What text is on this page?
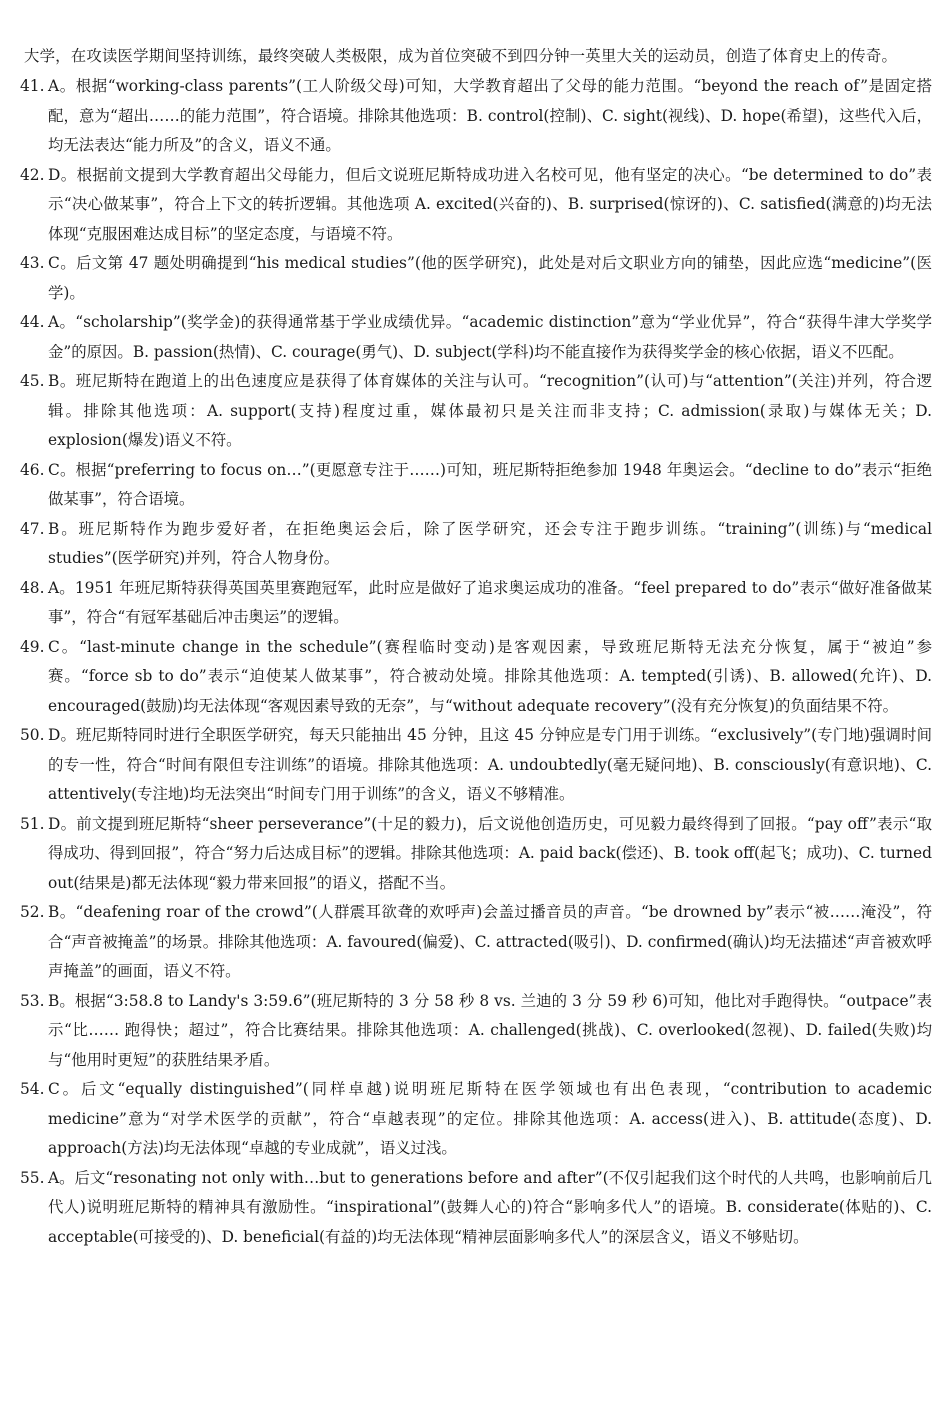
大学，在攻读医学期间坚持训练，最终突破人类极限，成为首位突破不到四分钟一英里大关的运动员，创造了体育史上的传奇。
41. A。根据“working-class parents”(工人阶级父母)可知，大学教育超出了父母的能力范围。“beyond the reach of”是固定搭配，意为“超出……的能力范围”，符合语境。排除其他选项：B. control(控制)、C. sight(视线)、D. hope(希望)，这些代入后，均无法表达“能力所及”的含义，语义不通。
42. D。根据前文提到大学教育超出父母能力，但后文说班尼斯特成功进入名校可见，他有坚定的决心。“be determined to do”表示“决心做某事”，符合上下文的转折逻辑。其他选项 A. excited(兴奋的)、B. surprised(惊讶的)、C. satisfied(满意的)均无法体现“克服困难达成目标”的坚定态度，与语境不符。
43. C。后文第 47 题处明确提到“his medical studies”(他的医学研究)，此处是对后文职业方向的铺垫，因此应选“medicine”(医学)。
44. A。“scholarship”(奖学金)的获得通常基于学业成绩优异。“academic distinction”意为“学业优异”，符合“获得牛津大学奖学金”的原因。B. passion(热情)、C. courage(勇气)、D. subject(学科)均不能直接作为获得奖学金的核心依据，语义不匹配。
45. B。班尼斯特在跑道上的出色速度应是获得了体育媒体的关注与认可。“recognition”(认可)与“attention”(关注)并列，符合逻辑。排除其他选项：A. support(支持)程度过重，媒体最初只是关注而非支持；C. admission(录取)与媒体无关；D. explosion(爆发)语义不符。
46. C。根据“preferring to focus on…”(更愿意专注于……)可知，班尼斯特拒绝参加 1948 年奥运会。“decline to do”表示“拒绝做某事”，符合语境。
47. B。班尼斯特作为跑步爱好者，在拒绝奥运会后，除了医学研究，还会专注于跑步训练。“training”(训练)与“medical studies”(医学研究)并列，符合人物身份。
48. A。1951 年班尼斯特获得英国英里赛跑冠军，此时应是做好了追求奥运成功的准备。“feel prepared to do”表示“做好准备做某事”，符合“有冠军基础后冲击奥运”的逻辑。
49. C。“last-minute change in the schedule”(赛程临时变动)是客观因素，导致班尼斯特无法充分恢复，属于“被迫”参赛。“force sb to do”表示“迫使某人做某事”，符合被动处境。排除其他选项：A. tempted(引诱)、B. allowed(允许)、D. encouraged(鼓励)均无法体现“客观因素导致的无奈”，与“without adequate recovery”(没有充分恢复)的负面结果不符。
50. D。班尼斯特同时进行全职医学研究，每天只能抽出 45 分钟，且这 45 分钟应是专门用于训练。“exclusively”(专门地)强调时间的专一性，符合“时间有限但专注训练”的语境。排除其他选项：A. undoubtedly(毫无疑问地)、B. consciously(有意识地)、C. attentively(专注地)均无法突出“时间专门用于训练”的含义，语义不够精准。
51. D。前文提到班尼斯特“sheer perseverance”(十足的毅力)，后文说他创造历史，可见毅力最终得到了回报。“pay off”表示“取得成功、得到回报”，符合“努力后达成目标”的逻辑。排除其他选项：A. paid back(偿还)、B. took off(起飞；成功)、C. turned out(结果是)都无法体现“毅力带来回报”的语义，搭配不当。
52. B。“deafening roar of the crowd”(人群震耳欲聋的欢呼声)会盖过播音员的声音。“be drowned by”表示“被……淹没”，符合“声音被掩盖”的场景。排除其他选项：A. favoured(偏爱)、C. attracted(吸引)、D. confirmed(确认)均无法描述“声音被欢呼声掩盖”的画面，语义不符。
53. B。根据“3:58.8 to Landy's 3:59.6”(班尼斯特的 3 分 58 秒 8 vs. 兰迪的 3 分 59 秒 6)可知，他比对手跑得快。“outpace”表示“比…… 跑得快；超过”，符合比赛结果。排除其他选项：A. challenged(挑战)、C. overlooked(忽视)、D. failed(失败)均与“他用时更短”的获胜结果矛盾。
54. C。后文“equally distinguished”(同样卓越)说明班尼斯特在医学领域也有出色表现，“contribution to academic medicine”意为“对学术医学的贡献”，符合“卓越表现”的定位。排除其他选项：A. access(进入)、B. attitude(态度)、D. approach(方法)均无法体现“卓越的专业成就”，语义过浅。
55. A。后文“resonating not only with…but to generations before and after”(不仅引起我们这个时代的人共鸣，也影响前后几代人)说明班尼斯特的精神具有激励性。“inspirational”(鼓舞人心的)符合“影响多代人”的语境。B. considerate(体贴的)、C. acceptable(可接受的)、D. beneficial(有益的)均无法体现“精神层面影响多代人”的深层含义，语义不够贴切。
